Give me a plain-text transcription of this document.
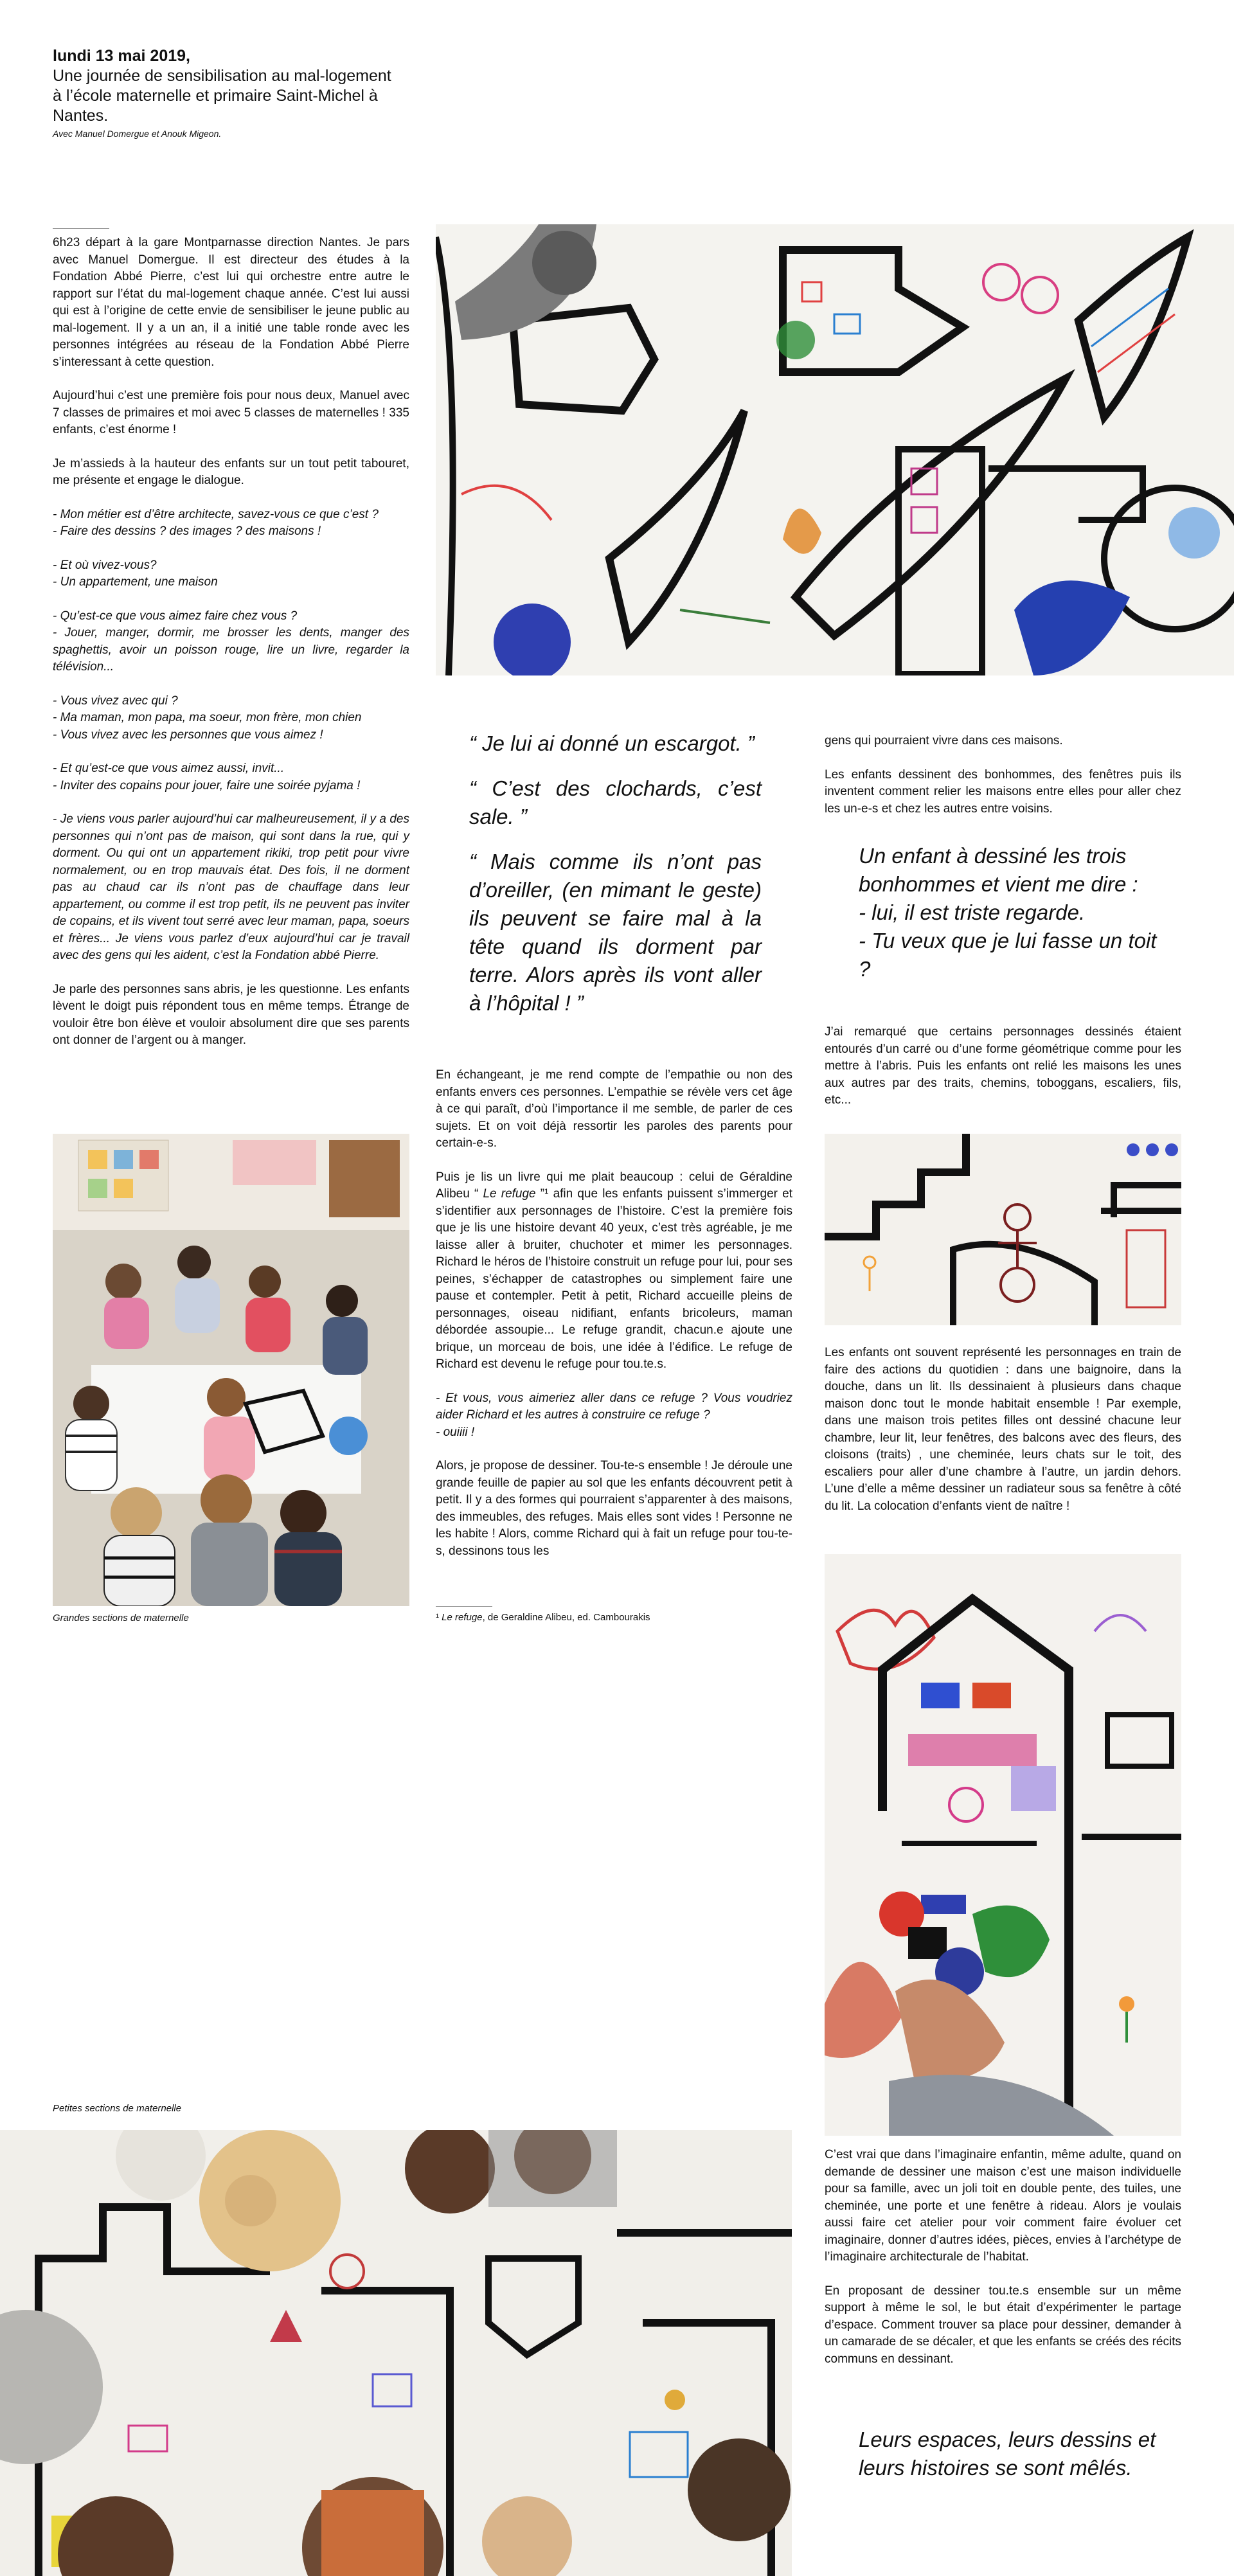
lundi 13 mai 2019,
Une journée de sensibilisation au mal-logement
à l’école maternelle et primaire Saint-Michel à
Nantes.
Avec Manuel Domergue et Anouk Migeon.

6h23 départ à la gare Montparnasse direction Nantes. Je pars avec Manuel Domergue. Il est directeur des études à la Fondation Abbé Pierre, c’est lui qui orchestre entre autre le rapport sur l’état du mal-logement chaque année. C’est lui aussi qui est à l’origine de cette envie de sensibiliser le jeune public au mal-logement. Il y a un an, il a initié une table ronde avec les personnes intégrées au réseau de la Fondation Abbé Pierre s’interessant à cette question.

Aujourd’hui c’est une première fois pour nous deux, Manuel avec 7 classes de primaires et moi avec 5 classes de maternelles ! 335 enfants, c’est énorme !

Je m’assieds à la hauteur des enfants sur un tout petit tabouret, me présente et engage le dialogue.

- Mon métier est d’être architecte, savez-vous ce que c’est ?
- Faire des dessins ? des images ? des maisons !

- Et où vivez-vous?
- Un appartement, une maison

- Qu’est-ce que vous aimez faire chez vous ?
- Jouer, manger, dormir, me brosser les dents, manger des spaghettis, avoir un poisson rouge, lire un livre, regarder la télévision...

- Vous vivez avec qui ?
- Ma maman, mon papa, ma soeur, mon frère, mon chien
- Vous vivez avec les personnes que vous aimez !

- Et qu’est-ce que vous aimez aussi, invit...
- Inviter des copains pour jouer, faire une soirée pyjama !

- Je viens vous parler aujourd’hui car malheureusement, il y a des personnes qui n’ont pas de maison, qui sont dans la rue, qui y dorment. Ou qui ont un appartement rikiki, trop petit pour vivre normalement, ou en trop mauvais état. Des fois, il ne dorment pas au chaud car ils n’ont pas de chauffage dans leur appartement, ou comme il est trop petit, ils ne peuvent pas inviter de copains, et ils vivent tout serré avec leur maman, papa, soeurs et frères... Je viens vous parlez d’eux aujourd’hui car je travail avec des gens qui les aident, c’est la Fondation abbé Pierre.

Je parle des personnes sans abris, je les questionne. Les enfants lèvent le doigt puis répondent tous en même temps. Étrange de vouloir être bon élève et vouloir absolument dire que ses parents ont donner de l’argent ou à manger.

Grandes sections de maternelle
Petites sections de maternelle

“ Je lui ai donné un escargot. ”

“ C’est des clochards, c’est sale. ”

“ Mais comme ils n’ont pas d’oreiller, (en mimant le geste) ils peuvent se faire mal à la tête quand ils dorment par terre. Alors après ils vont aller à l’hôpital ! ”

En échangeant, je me rend compte de l’empathie ou non des enfants envers ces personnes. L’empathie se révèle vers cet âge à ce qui paraît, d’où l’importance il me semble, de parler de ces sujets. Et on voit déjà ressortir les paroles des parents pour certain-e-s.

Puis je lis un livre qui me plait beaucoup : celui de Géraldine Alibeu “ Le refuge ”¹ afin que les enfants puissent s’immerger et s’identifier aux personnages de l’histoire. C’est la première fois que je lis une histoire devant 40 yeux, c’est très agréable, je me laisse aller à bruiter, chuchoter et mimer les personnages. Richard le héros de l’histoire construit un refuge pour lui, pour ses peines, s’échapper de catastrophes ou simplement faire une pause et contempler. Petit à petit, Richard accueille pleins de personnages, oiseau nidifiant, enfants bricoleurs, maman débordée assoupie... Le refuge grandit, chacun.e ajoute une brique, un morceau de bois, une idée à l’édifice. Le refuge de Richard est devenu le refuge pour tou.te.s.

- Et vous, vous aimeriez aller dans ce refuge ? Vous voudriez aider Richard et les autres à construire ce refuge ?
- ouiiii !

Alors, je propose de dessiner. Tou-te-s ensemble ! Je déroule une grande feuille de papier au sol que les enfants découvrent petit à petit. Il y a des formes qui pourraient s’apparenter à des maisons, des immeubles, des refuges. Mais elles sont vides ! Personne ne les habite ! Alors, comme Richard qui à fait un refuge pour tou-te-s, dessinons tous les

¹ Le refuge, de Geraldine Alibeu, ed. Cambourakis

gens qui pourraient vivre dans ces maisons.

Les enfants dessinent des bonhommes, des fenêtres puis ils inventent comment relier les maisons entre elles pour aller chez les un-e-s et chez les autres entre voisins.

Un enfant à dessiné les trois bonhommes et vient me dire :
- lui, il est triste regarde.
- Tu veux que je lui fasse un toit ?

J’ai remarqué que certains personnages dessinés étaient entourés d’un carré ou d’une forme géométrique comme pour les mettre à l’abris. Puis les enfants ont relié les maisons les unes aux autres par des traits, chemins, toboggans, escaliers, fils, etc...

Les enfants ont souvent représenté les personnages en train de faire des actions du quotidien : dans une baignoire, dans la douche, dans un lit. Ils dessinaient à plusieurs dans chaque maison donc tout le monde habitait ensemble ! Par exemple, dans une maison trois petites filles ont dessiné chacune leur chambre, leur lit, leur fenêtres, des balcons avec des fleurs, des cloisons (traits) , une cheminée, leurs chats sur le toit, des escaliers pour aller d’une chambre à l’autre, un jardin dehors. L’une d’elle a même dessiner un radiateur sous sa fenêtre à côté du lit. La colocation d’enfants vient de naître !

C’est vrai que dans l’imaginaire enfantin, même adulte, quand on demande de dessiner une maison c’est une maison individuelle pour sa famille, avec un joli toit en double pente, des tuiles, une cheminée, une porte et une fenêtre à rideau. Alors je voulais aussi faire cet atelier pour voir comment faire évoluer cet imaginaire, donner d’autres idées, pièces, envies à l’archétype de l’imaginaire architecturale de l’habitat.

En proposant de dessiner tou.te.s ensemble sur un même support à même le sol, le but était d’expérimenter le partage d’espace. Comment trouver sa place pour dessiner, demander à un camarade de se décaler, et que les enfants se créés des récits communs en dessinant.

Leurs espaces, leurs dessins et
leurs histoires se sont mêlés.
